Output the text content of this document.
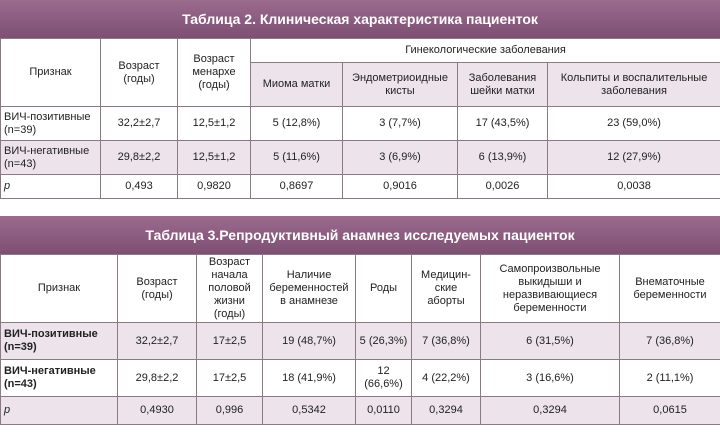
Таблица 2. Клиническая характеристика пациенток
Признак	Возраст (годы)	Возраст менархе (годы)	Гинекологические заболевания			
			Миома матки	Эндометриоидные кисты	Заболевания шейки матки	Кольпиты и воспалительные заболевания
ВИЧ-позитивные
(n=39)	32,2±2,7	12,5±1,2	5 (12,8%)	3 (7,7%)	17 (43,5%)	23 (59,0%)
ВИЧ-негативные
(n=43)	29,8±2,2	12,5±1,2	5 (11,6%)	3 (6,9%)	6 (13,9%)	12 (27,9%)
p	0,493	0,9820	0,8697	0,9016	0,0026	0,0038
Таблица 3.Репродуктивный анамнез исследуемых пациенток
Признак	Возраст (годы)	Возраст начала половой жизни (годы)	Наличие беременностей в анамнезе	Роды	Медицин-ские аборты	Самопроизвольные выкидыши и неразвивающиеся беременности	Внематочные беременности
ВИЧ-позитивные
(n=39)	32,2±2,7	17±2,5	19 (48,7%)	5 (26,3%)	7 (36,8%)	6 (31,5%)	7 (36,8%)
ВИЧ-негативные
(n=43)	29,8±2,2	17±2,5	18 (41,9%)	12 (66,6%)	4 (22,2%)	3 (16,6%)	2 (11,1%)
p	0,4930	0,996	0,5342	0,0110	0,3294	0,3294	0,0615
